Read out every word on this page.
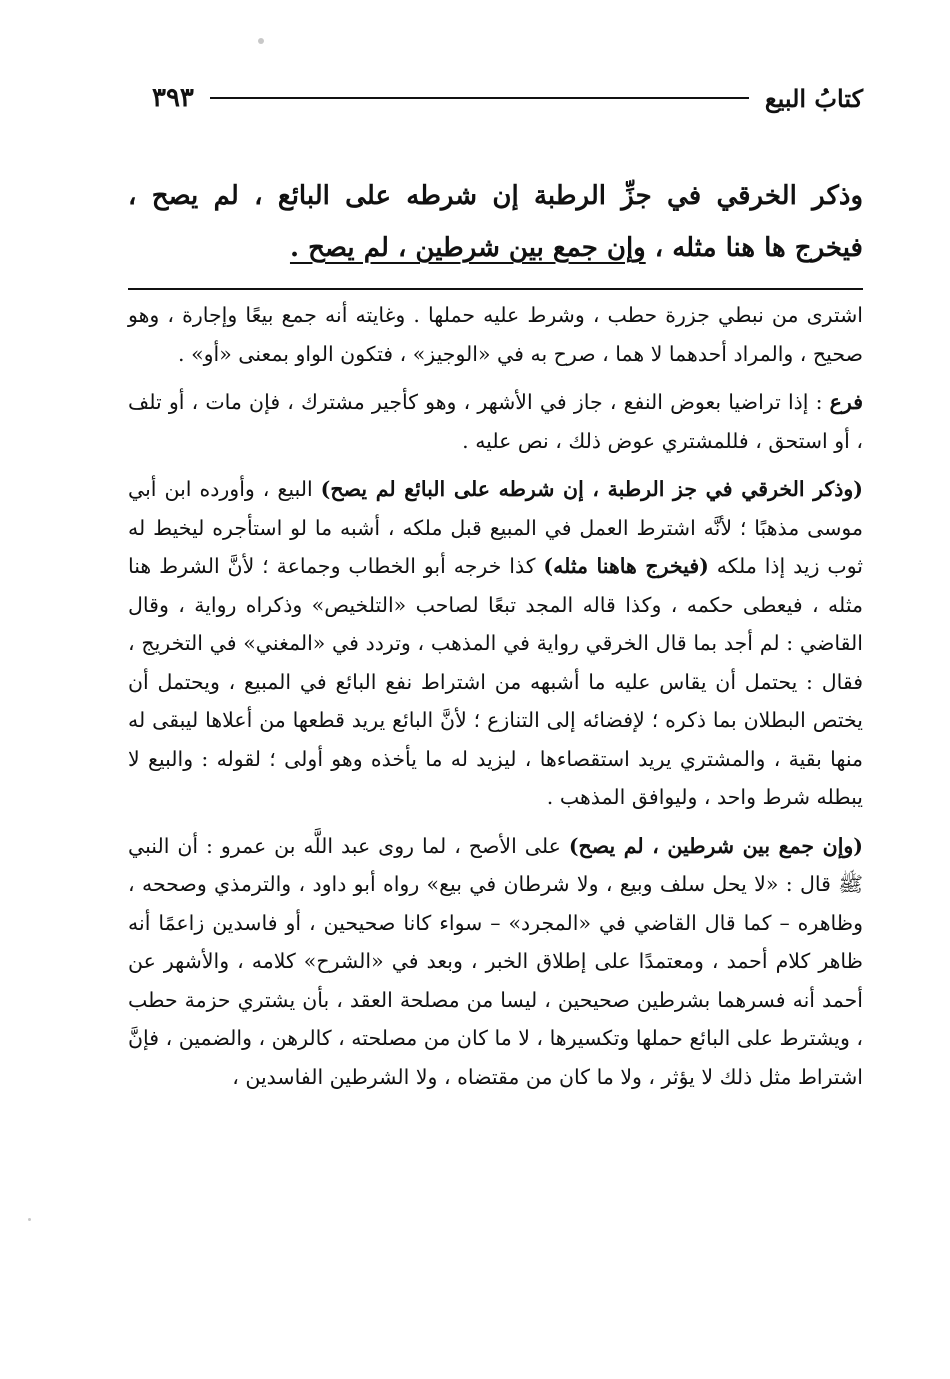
كتابُ البيع
٣٩٣
وذكر الخرقي في جزِّ الرطبة إن شرطه على البائع ، لم يصح ، فيخرج ها هنا مثله ، وإن جمع بين شرطين ، لم يصح .

اشترى من نبطي جزرة حطب ، وشرط عليه حملها . وغايته أنه جمع بيعًا وإجارة ، وهو صحيح ، والمراد أحدهما لا هما ، صرح به في «الوجيز» ، فتكون الواو بمعنى «أو» .

فرع : إذا تراضيا بعوض النفع ، جاز في الأشهر ، وهو كأجير مشترك ، فإن مات ، أو تلف ، أو استحق ، فللمشتري عوض ذلك ، نص عليه .

(وذكر الخرقي في جز الرطبة ، إن شرطه على البائع لم يصح) البيع ، وأورده ابن أبي موسى مذهبًا ؛ لأنَّه اشترط العمل في المبيع قبل ملكه ، أشبه ما لو استأجره ليخيط له ثوب زيد إذا ملكه (فيخرج هاهنا مثله) كذا خرجه أبو الخطاب وجماعة ؛ لأنَّ الشرط هنا مثله ، فيعطى حكمه ، وكذا قاله المجد تبعًا لصاحب «التلخيص» وذكراه رواية ، وقال القاضي : لم أجد بما قال الخرقي رواية في المذهب ، وتردد في «المغني» في التخريج ، فقال : يحتمل أن يقاس عليه ما أشبهه من اشتراط نفع البائع في المبيع ، ويحتمل أن يختص البطلان بما ذكره ؛ لإفضائه إلى التنازع ؛ لأنَّ البائع يريد قطعها من أعلاها ليبقى له منها بقية ، والمشتري يريد استقصاءها ، ليزيد له ما يأخذه وهو أولى ؛ لقوله : والبيع لا يبطله شرط واحد ، وليوافق المذهب .

(وإن جمع بين شرطين ، لم يصح) على الأصح ، لما روى عبد اللَّه بن عمرو : أن النبي ﷺ قال : «لا يحل سلف وبيع ، ولا شرطان في بيع» رواه أبو داود ، والترمذي وصححه ، وظاهره – كما قال القاضي في «المجرد» – سواء كانا صحيحين ، أو فاسدين زاعمًا أنه ظاهر كلام أحمد ، ومعتمدًا على إطلاق الخبر ، وبعد في «الشرح» كلامه ، والأشهر عن أحمد أنه فسرهما بشرطين صحيحين ، ليسا من مصلحة العقد ، بأن يشتري حزمة حطب ، ويشترط على البائع حملها وتكسيرها ، لا ما كان من مصلحته ، كالرهن ، والضمين ، فإنَّ اشتراط مثل ذلك لا يؤثر ، ولا ما كان من مقتضاه ، ولا الشرطين الفاسدين ،
